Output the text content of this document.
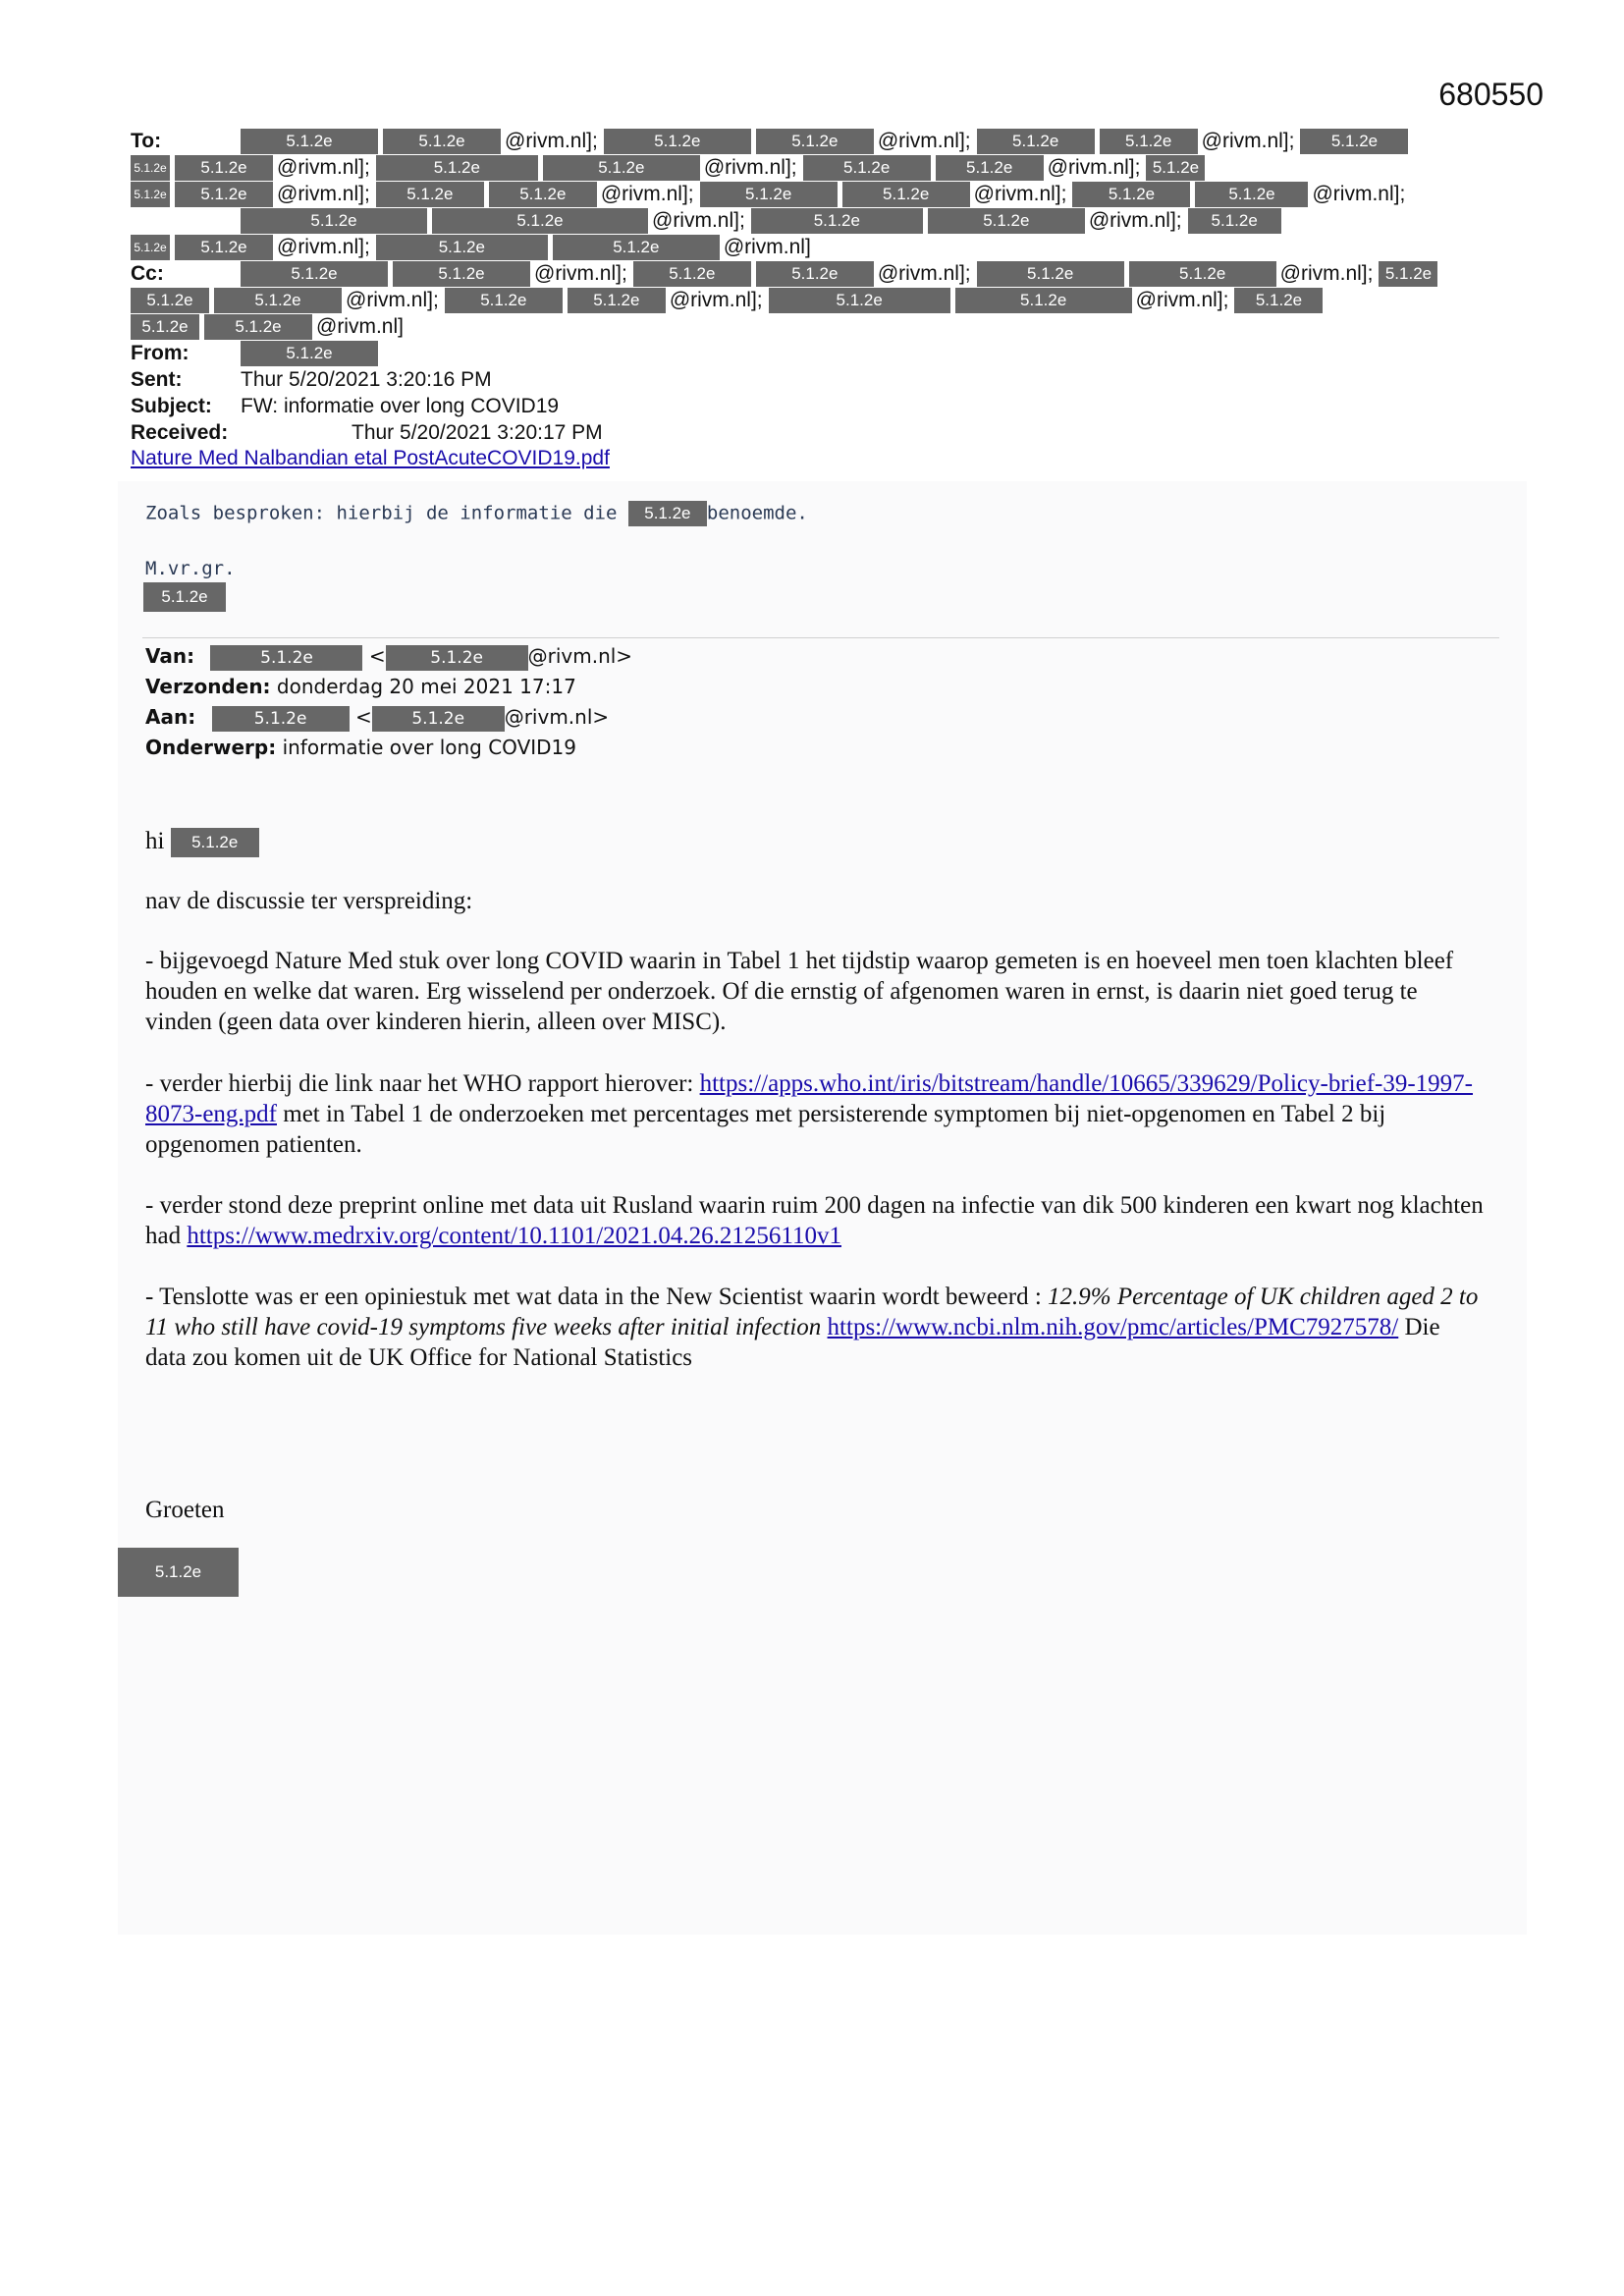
680550
To:	5.1.2e	5.1.2e @rivm.nl];	5.1.2e	5.1.2e @rivm.nl]; 5.1.2e	5.1.2e @rivm.nl]; 5.1.2e
5.1.2e 5.1.2e @rivm.nl];	5.1.2e	5.1.2e	@rivm.nl];	5.1.2e	5.1.2e @rivm.nl]; 5.1.2e
5.1.2e 5.1.2e @rivm.nl]; 5.1.2e	5.1.2e @rivm.nl];	5.1.2e	5.1.2e @rivm.nl]; 5.1.2e	5.1.2e @rivm.nl];
5.1.2e	5.1.2e	@rivm.nl];	5.1.2e	5.1.2e	@rivm.nl]; 5.1.2e
5.1.2e 5.1.2e @rivm.nl];	5.1.2e	5.1.2e	@rivm.nl]
Cc:	5.1.2e	5.1.2e @rivm.nl]; 5.1.2e	5.1.2e @rivm.nl];	5.1.2e	5.1.2e	@rivm.nl]; 5.1.2e
5.1.2e	5.1.2e @rivm.nl]; 5.1.2e	5.1.2e @rivm.nl];	5.1.2e	5.1.2e	@rivm.nl]; 5.1.2e
5.1.2e	5.1.2e @rivm.nl]
From:	5.1.2e
Sent:	Thur 5/20/2021 3:20:16 PM
Subject: FW: informatie over long COVID19
Received:	Thur 5/20/2021 3:20:17 PM
Nature Med Nalbandian etal PostAcuteCOVID19.pdf
Zoals besproken: hierbij de informatie die 5.1.2e benoemde.
M.vr.gr.
5.1.2e
Van:	5.1.2e	<	5.1.2e @rivm.nl>
Verzonden: donderdag 20 mei 2021 17:17
Aan:	5.1.2e < 5.1.2e @rivm.nl>
Onderwerp: informatie over long COVID19
hi 5.1.2e
nav de discussie ter verspreiding:
- bijgevoegd Nature Med stuk over long COVID waarin in Tabel 1 het tijdstip waarop gemeten is en hoeveel men toen klachten bleef houden en welke dat waren. Erg wisselend per onderzoek. Of die ernstig of afgenomen waren in ernst, is daarin niet goed terug te vinden (geen data over kinderen hierin, alleen over MISC).
- verder hierbij die link naar het WHO rapport hierover: https://apps.who.int/iris/bitstream/handle/10665/339629/Policy-brief-39-1997-8073-eng.pdf met in Tabel 1 de onderzoeken met percentages met persisterende symptomen bij niet-opgenomen en Tabel 2 bij opgenomen patienten.
- verder stond deze preprint online met data uit Rusland waarin ruim 200 dagen na infectie van dik 500 kinderen een kwart nog klachten had https://www.medrxiv.org/content/10.1101/2021.04.26.21256110v1
- Tenslotte was er een opiniestuk met wat data in the New Scientist waarin wordt beweerd : 12.9% Percentage of UK children aged 2 to 11 who still have covid-19 symptoms five weeks after initial infection https://www.ncbi.nlm.nih.gov/pmc/articles/PMC7927578/ Die data zou komen uit de UK Office for National Statistics
Groeten
5.1.2e
